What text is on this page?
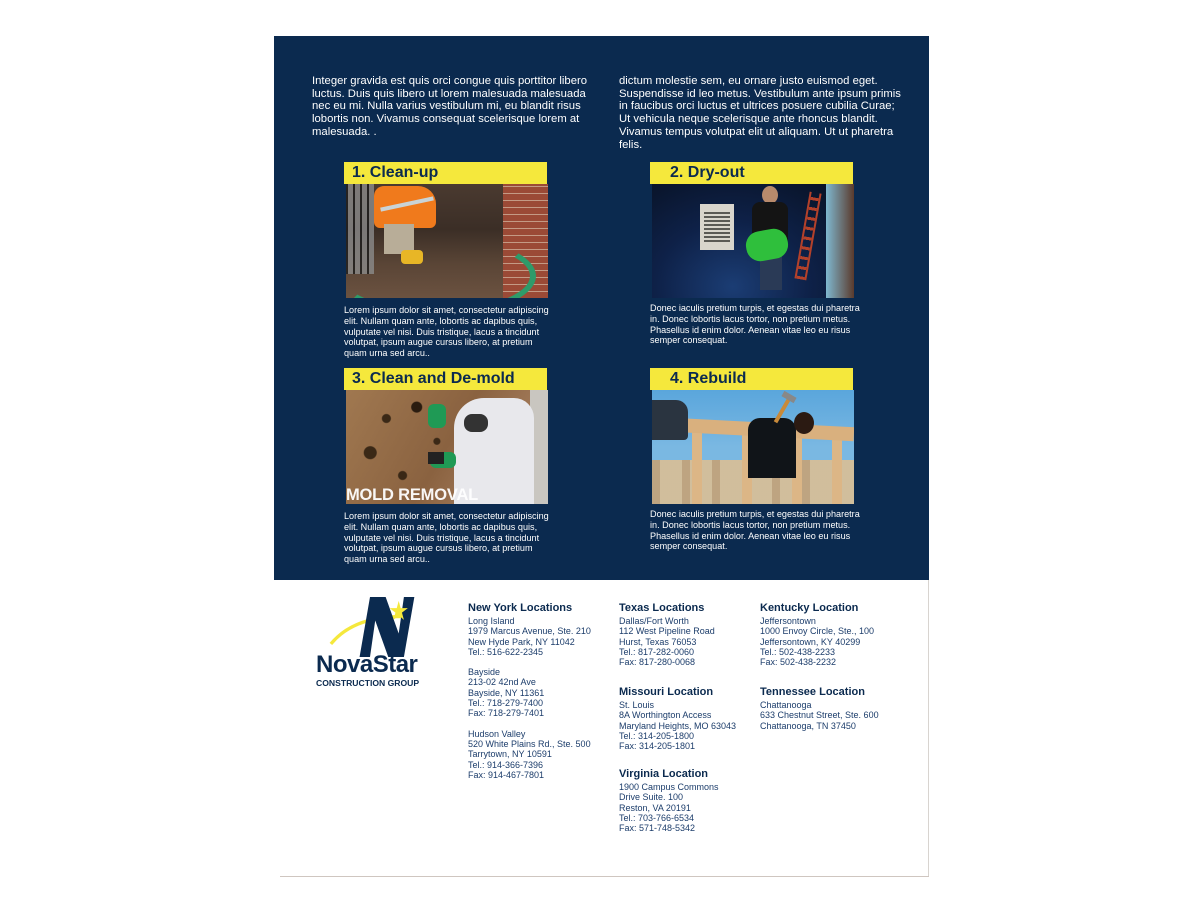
Integer gravida est quis orci congue quis porttitor libero luctus. Duis quis libero ut lorem malesuada malesuada nec eu mi. Nulla varius vestibulum mi, eu blandit risus lobortis non. Vivamus consequat scelerisque lorem at malesuada. .

dictum molestie sem, eu ornare justo euismod eget. Suspendisse id leo metus. Vestibulum ante ipsum primis in faucibus orci luctus et ultrices posuere cubilia Curae; Ut vehicula neque scelerisque ante rhoncus blandit. Vivamus tempus volutpat elit ut aliquam. Ut ut pharetra felis.

1. Clean-up

Lorem ipsum dolor sit amet, consectetur adipiscing elit. Nullam quam ante, lobortis ac dapibus quis, vulputate vel nisi. Duis tristique, lacus a tincidunt volutpat, ipsum augue cursus libero, at pretium quam urna sed arcu..

2. Dry-out

Donec iaculis pretium turpis, et egestas dui pharetra in. Donec lobortis lacus tortor, non pretium metus. Phasellus id enim dolor. Aenean vitae leo eu risus semper consequat.

3. Clean and De-mold
MOLD REMOVAL

Lorem ipsum dolor sit amet, consectetur adipiscing elit. Nullam quam ante, lobortis ac dapibus quis, vulputate vel nisi. Duis tristique, lacus a tincidunt volutpat, ipsum augue cursus libero, at pretium quam urna sed arcu..

4. Rebuild

Donec iaculis pretium turpis, et egestas dui pharetra in. Donec lobortis lacus tortor, non pretium metus. Phasellus id enim dolor. Aenean vitae leo eu risus semper consequat.

NovaStar
CONSTRUCTION GROUP
New York Locations
Long Island
1979 Marcus Avenue, Ste. 210
New Hyde Park, NY 11042
Tel.: 516-622-2345
Bayside
213-02 42nd Ave
Bayside, NY 11361
Tel.: 718-279-7400
Fax: 718-279-7401
Hudson Valley
520 White Plains Rd., Ste. 500
Tarrytown, NY 10591
Tel.: 914-366-7396
Fax: 914-467-7801
Texas Locations
Dallas/Fort Worth
112 West Pipeline Road
Hurst, Texas 76053
Tel.: 817-282-0060
Fax: 817-280-0068
Missouri Location
St. Louis
8A Worthington Access
Maryland Heights, MO 63043
Tel.: 314-205-1800
Fax: 314-205-1801
Virginia Location
1900 Campus Commons
Drive Suite. 100
Reston, VA 20191
Tel.: 703-766-6534
Fax: 571-748-5342
Kentucky Location
Jeffersontown
1000 Envoy Circle, Ste., 100
Jeffersontown, KY 40299
Tel.: 502-438-2233
Fax: 502-438-2232
Tennessee Location
Chattanooga
633 Chestnut Street, Ste. 600
Chattanooga, TN 37450
